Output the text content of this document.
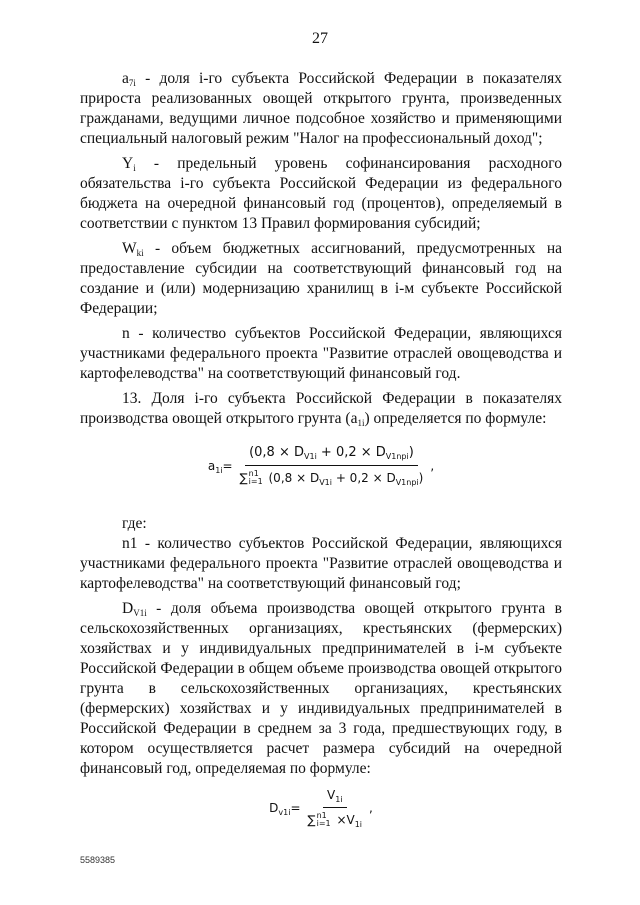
27

$a_{7i}$ - доля i-го субъекта Российской Федерации в показателях прироста реализованных овощей открытого грунта, произведенных гражданами, ведущими личное подсобное хозяйство и применяющими специальный налоговый режим "Налог на профессиональный доход";

$Y_i$ - предельный уровень софинансирования расходного обязательства i-го субъекта Российской Федерации из федерального бюджета на очередной финансовый год (процентов), определяемый в соответствии с пунктом 13 Правил формирования субсидий;

$W_{ki}$ - объем бюджетных ассигнований, предусмотренных на предоставление субсидии на соответствующий финансовый год на создание и (или) модернизацию хранилищ в i-м субъекте Российской Федерации;

n - количество субъектов Российской Федерации, являющихся участниками федерального проекта "Развитие отраслей овощеводства и картофелеводства" на соответствующий финансовый год.

13. Доля i-го субъекта Российской Федерации в показателях производства овощей открытого грунта $(a_{1i})$ определяется по формуле:

$a_{1i}= (0,8 \times D_{V1i} + 0,2 \times D_{V1npi})$
∑ n1
i=1 $(0,8 \times D_{V1i} + 0,2 \times D_{V1npi})$ ,

где:

n1 - количество субъектов Российской Федерации, являющихся участниками федерального проекта "Развитие отраслей овощеводства и картофелеводства" на соответствующий финансовый год;

$D_{V1i}$ - доля объема производства овощей открытого грунта в сельскохозяйственных организациях, крестьянских (фермерских) хозяйствах и у индивидуальных предпринимателей в i-м субъекте Российской Федерации в общем объеме производства овощей открытого грунта в сельскохозяйственных организациях, крестьянских (фермерских) хозяйствах и у индивидуальных предпринимателей в Российской Федерации в среднем за 3 года, предшествующих году, в котором осуществляется расчет размера субсидий на очередной финансовый год, определяемая по формуле:

$D_{v1i}= V_{1i}$
∑ n1
$i=1 \times V_{1i}$ ,
5589385
